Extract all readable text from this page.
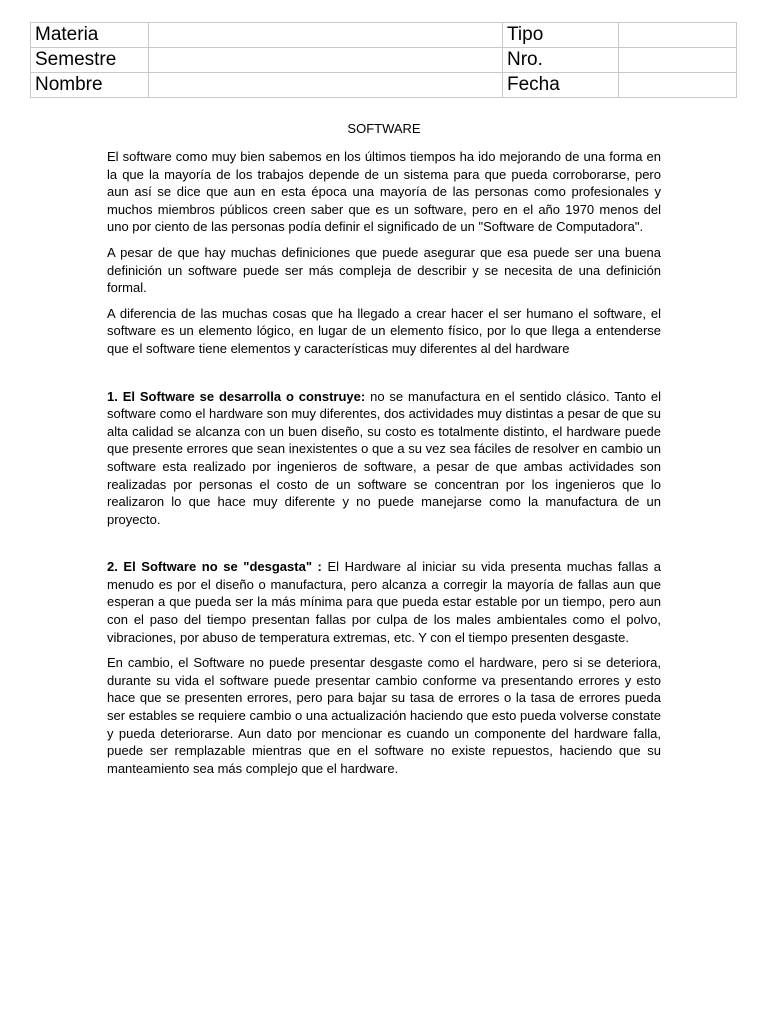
Materia		Tipo	
Semestre		Nro.	
Nombre		Fecha	
SOFTWARE

El software como muy bien sabemos en los últimos tiempos ha ido mejorando de una forma en la que la mayoría de los trabajos depende de un sistema para que pueda corroborarse, pero aun así se dice que aun en esta época una mayoría de las personas como profesionales y muchos miembros públicos creen saber que es un software, pero en el año 1970 menos del uno por ciento de las personas podía definir el significado de un "Software de Computadora".

A pesar de que hay muchas definiciones que puede asegurar que esa puede ser una buena definición un software puede ser más compleja de describir y se necesita de una definición formal.

A diferencia de las muchas cosas que ha llegado a crear hacer el ser humano el software, el software es un elemento lógico, en lugar de un elemento físico, por lo que llega a entenderse que el software tiene elementos y características muy diferentes al del hardware

1. El Software se desarrolla o construye: no se manufactura en el sentido clásico. Tanto el software como el hardware son muy diferentes, dos actividades muy distintas a pesar de que su alta calidad se alcanza con un buen diseño, su costo es totalmente distinto, el hardware puede que presente errores que sean inexistentes o que a su vez sea fáciles de resolver en cambio un software esta realizado por ingenieros de software, a pesar de que ambas actividades son realizadas por personas el costo de un software se concentran por los ingenieros que lo realizaron lo que hace muy diferente y no puede manejarse como la manufactura de un proyecto.

2. El Software no se "desgasta" : El Hardware al iniciar su vida presenta muchas fallas a menudo es por el diseño o manufactura, pero alcanza a corregir la mayoría de fallas aun que esperan a que pueda ser la más mínima para que pueda estar estable por un tiempo, pero aun con el paso del tiempo presentan fallas por culpa de los males ambientales como el polvo, vibraciones, por abuso de temperatura extremas, etc. Y con el tiempo presenten desgaste.

En cambio, el Software no puede presentar desgaste como el hardware, pero si se deteriora, durante su vida el software puede presentar cambio conforme va presentando errores y esto hace que se presenten errores, pero para bajar su tasa de errores o la tasa de errores pueda ser estables se requiere cambio o una actualización haciendo que esto pueda volverse constate y pueda deteriorarse. Aun dato por mencionar es cuando un componente del hardware falla, puede ser remplazable mientras que en el software no existe repuestos, haciendo que su manteamiento sea más complejo que el hardware.
